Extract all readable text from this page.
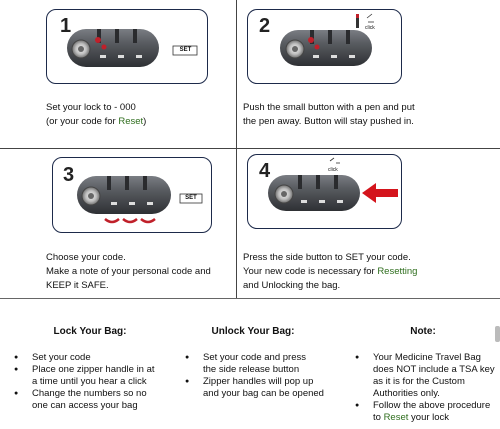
1
SET
2	click
3
SET
4	click
Set your lock to - 000
(or your code for Reset)
Push the small button with a pen and put
the pen away. Button will stay pushed in.
Choose your code.
Make a note of your personal code and
KEEP it SAFE.
Press the side button to SET your code.
Your new code is necessary for Resetting
and Unlocking the bag.
Lock Your Bag:	Unlock Your Bag:	Note:
● Set your code
● Place one zipper handle in at
a time until you hear a click
● Change the numbers so no
one can access your bag
● Set your code and press
the side release button
● Zipper handles will pop up
and your bag can be opened
● Your Medicine Travel Bag
does NOT include a TSA key
as it is for the Custom
Authorities only.
● Follow the above procedure
to Reset your lock
